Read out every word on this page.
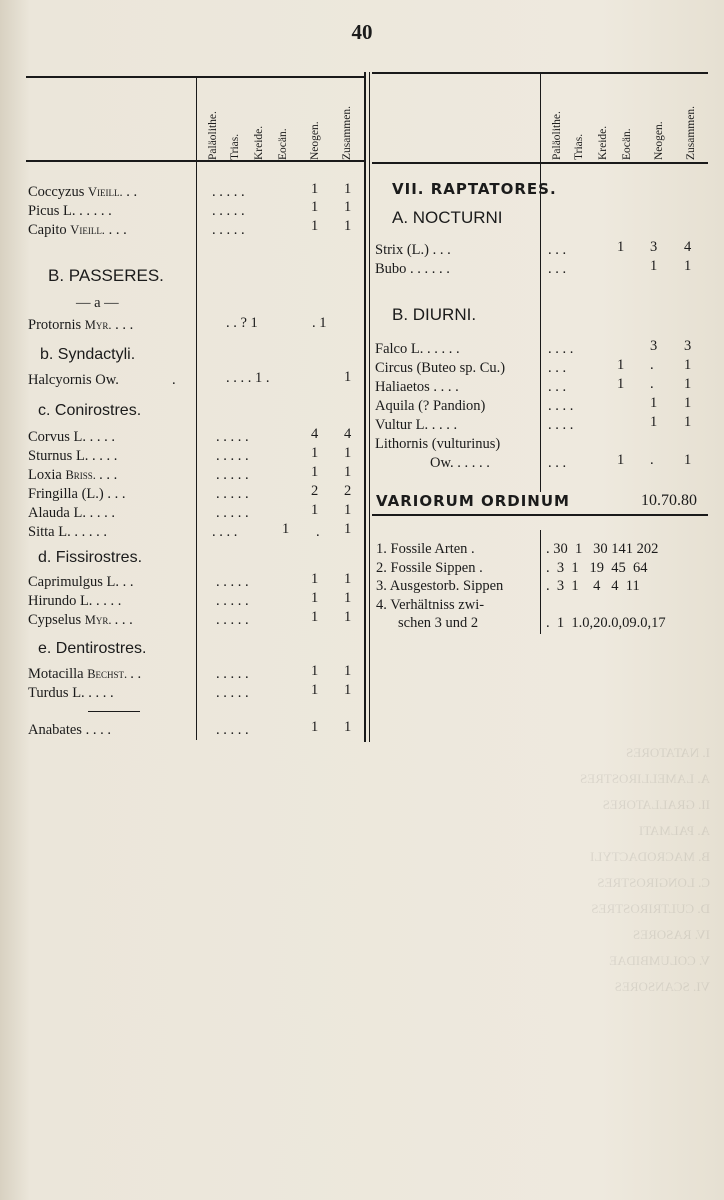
I. NATATORES
A. LAMELLIROSTRES
II. GRALLATORES
A. PALMATI
B. MACRODACTYLI
C. LONGIROSTRES
D. CULTRIROSTRES
IV. RASORES
V. COLUMBIDAE
VI. SCANSORES
40
Paläolithe. Trias. Kreide. Eocän. Neogen. Zusammen.	Paläolithe. Trias. Kreide. Eocän. Neogen. Zusammen.
Coccyzus Vieill. . .	. . . . .	1 1
Picus L. . . . . .	. . . . .	1 1
Capito Vieill. . . .	. . . . .	1 1
B. PASSERES.
— a —
Protornis Myr. . . .	. . ? 1	. 1
b. Syndactyli.
Halcyornis Ow.	.	. . . . 1 .	1
c. Conirostres.
Corvus L. . . . .	. . . . .	4 4
Sturnus L. . . . .	. . . . .	1 1
Loxia Briss. . . .	. . . . .	1 1
Fringilla (L.) . . .	. . . . .	2 2
Alauda L. . . . .	. . . . .	1 1
Sitta L. . . . . .	. . . .	1 . 1
d. Fissirostres.
Caprimulgus L. . .	. . . . .	1 1
Hirundo L. . . . .	. . . . .	1 1
Cypselus Myr. . . .	. . . . .	1 1
e. Dentirostres.
Motacilla Bechst. . .	. . . . .	1 1
Turdus L. . . . .	. . . . .	1 1
Anabates . . . .	. . . . .	1 1
VII. RAPTATORES.
A. NOCTURNI
Strix (L.) . . .	. . .	1 3 4
Bubo . . . . . .	. . .	1 1
B. DIURNI.
Falco L. . . . . .	. . . .	3 3
Circus (Buteo sp. Cu.)	. . .	1 . 1
Haliaetos . . . .	. . .	1 . 1
Aquila (? Pandion)	. . . .	1 1
Vultur L. . . . .	. . . .	1 1
Lithornis (vulturinus)
Ow. . . . . .	. . .	1 . 1
VARIORUM ORDINUM	10.70.80
1. Fossile Arten .	. 30  1   30 141 202
2. Fossile Sippen .	.  3  1   19  45  64
3. Ausgestorb. Sippen	.  3  1    4   4  11
4. Verhältniss zwi-
schen 3 und 2	.  1  1.0,20.0,09.0,17
